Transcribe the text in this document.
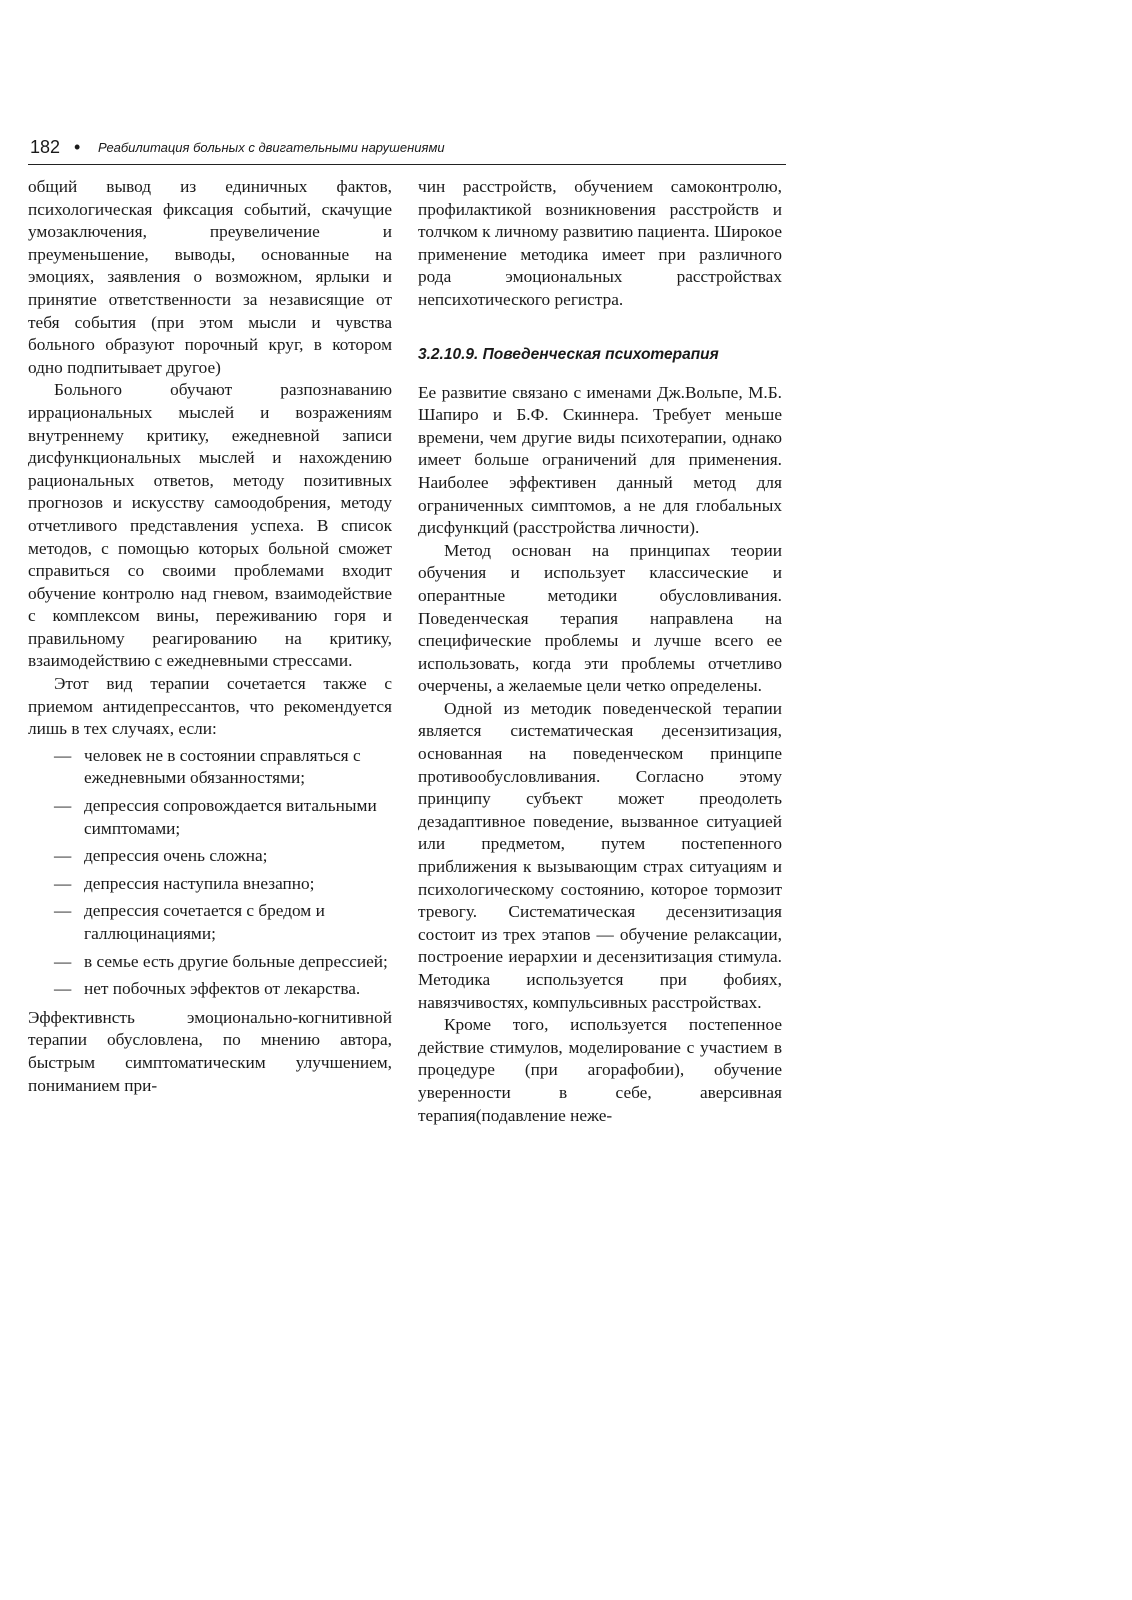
182 • Реабилитация больных с двигательными нарушениями

общий вывод из единичных фактов, психологическая фиксация событий, скачущие умозаключения, преувеличение и преуменьшение, выводы, основанные на эмоциях, заявления о возможном, ярлыки и принятие ответственности за независящие от тебя события (при этом мысли и чувства больного образуют порочный круг, в котором одно подпитывает другое)

Больного обучают разпознаванию иррациональных мыслей и возражениям внутреннему критику, ежедневной записи дисфункциональных мыслей и нахождению рациональных ответов, методу позитивных прогнозов и искусству самоодобрения, методу отчетливого представления успеха. В список методов, с помощью которых больной сможет справиться со своими проблемами входит обучение контролю над гневом, взаимодействие с комплексом вины, переживанию горя и правильному реагированию на критику, взаимодействию с ежедневными стрессами.

Этот вид терапии сочетается также с приемом антидепрессантов, что рекомендуется лишь в тех случаях, если:

— человек не в состоянии справляться с ежедневными обязанностями;
— депрессия сопровождается витальными симптомами;
— депрессия очень сложна;
— депрессия наступила внезапно;
— депрессия сочетается с бредом и галлюцинациями;
— в семье есть другие больные депрессией;
— нет побочных эффектов от лекарства.

Эффективнсть эмоционально-когнитивной терапии обусловлена, по мнению автора, быстрым симптоматическим улучшением, пониманием при-

чин расстройств, обучением самоконтролю, профилактикой возникновения расстройств и толчком к личному развитию пациента. Широкое применение методика имеет при различного рода эмоциональных расстройствах непсихотического регистра.

3.2.10.9. Поведенческая психотерапия

Ее развитие связано с именами Дж.Вольпе, М.Б. Шапиро и Б.Ф. Скиннера. Требует меньше времени, чем другие виды психотерапии, однако имеет больше ограничений для применения. Наиболее эффективен данный метод для ограниченных симптомов, а не для глобальных дисфункций (расстройства личности).

Метод основан на принципах теории обучения и использует классические и оперантные методики обусловливания. Поведенческая терапия направлена на специфические проблемы и лучше всего ее использовать, когда эти проблемы отчетливо очерчены, а желаемые цели четко определены.

Одной из методик поведенческой терапии является систематическая десензитизация, основанная на поведенческом принципе противообусловливания. Согласно этому принципу субъект может преодолеть дезадаптивное поведение, вызванное ситуацией или предметом, путем постепенного приближения к вызывающим страх ситуациям и психологическому состоянию, которое тормозит тревогу. Систематическая десензитизация состоит из трех этапов — обучение релаксации, построение иерархии и десензитизация стимула. Методика используется при фобиях, навязчивостях, компульсивных расстройствах.

Кроме того, используется постепенное действие стимулов, моделирование с участием в процедуре (при агорафобии), обучение уверенности в себе, аверсивная терапия(подавление неже-
